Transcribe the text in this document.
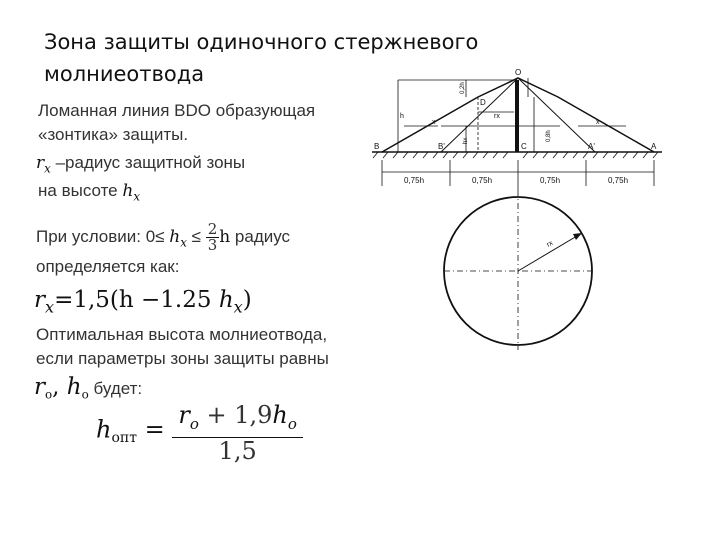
Зона защиты одиночного стержневого молниеотвода
Ломанная линия BDO образующая
«зонтика» защиты.
$r_x$ –радиус защитной зоны
на высоте $h_x$
При условии: $0\le h_x \le \frac{2}{3}$ h радиус
определяется как:
$r_x=1,5(h -1.25$ $h_x$)
Оптимальная высота молниеотвода,
если параметры зоны защиты равны
$r_o$, $h_o$ будет:
$h_{опт} = \frac{r_o + 1,9h_o}{1,5}$
B
D
B'	C	A'	A
O
rx
x	x
h
0,2h
hx	0,8h
0,75h	0,75h	0,75h	0,75h
rx
